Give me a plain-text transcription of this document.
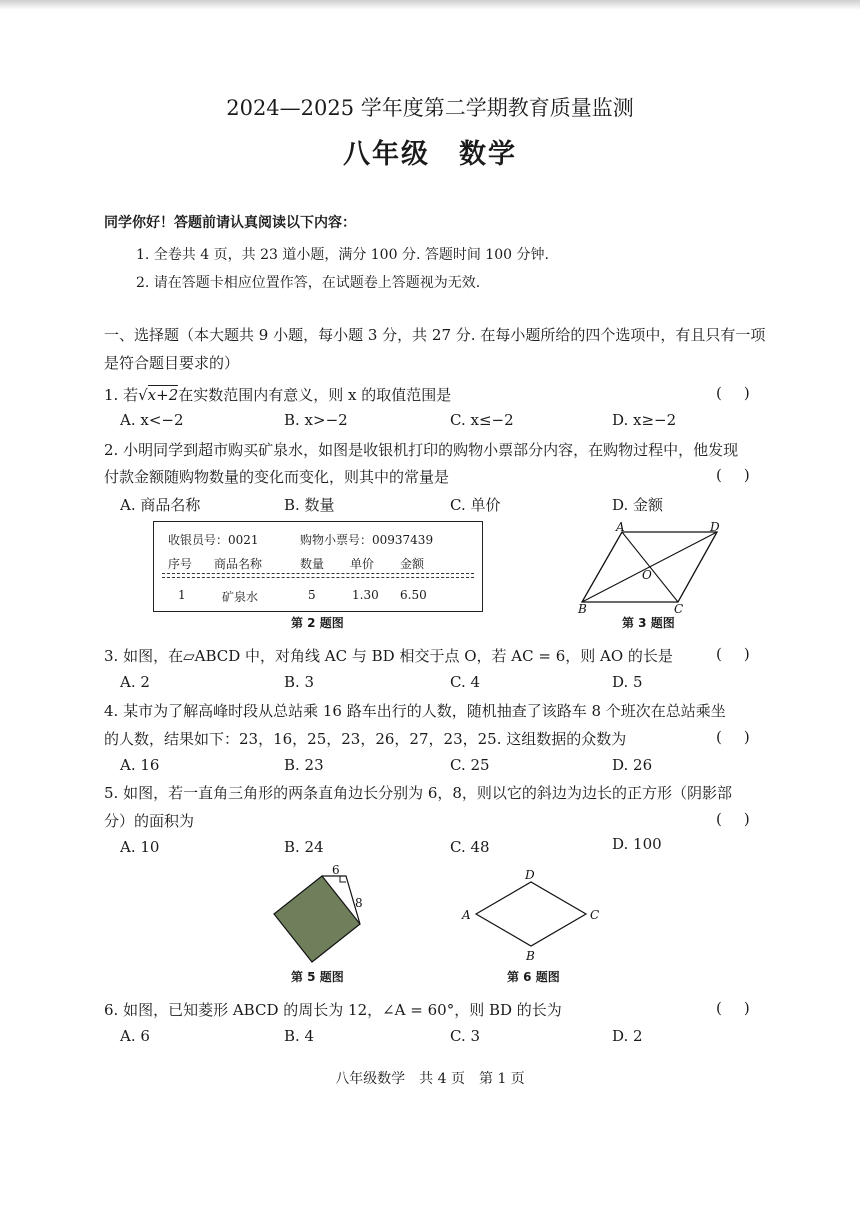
2024—2025 学年度第二学期教育质量监测
八年级　数学
同学你好！答题前请认真阅读以下内容：
1. 全卷共 4 页，共 23 道小题，满分 100 分. 答题时间 100 分钟.
2. 请在答题卡相应位置作答，在试题卷上答题视为无效.
一、选择题（本大题共 9 小题，每小题 3 分，共 27 分. 在每小题所给的四个选项中，有且只有一项
是符合题目要求的）
1. 若√x+2在实数范围内有意义，则 x 的取值范围是	()
A. x<−2	B. x>−2	C. x≤−2	D. x≥−2
2. 小明同学到超市购买矿泉水，如图是收银机打印的购物小票部分内容，在购物过程中，他发现
付款金额随购物数量的变化而变化，则其中的常量是	()
A. 商品名称	B. 数量	C. 单价	D. 金额
收银员号：0021	购物小票号：00937439
序号 商品名称	数量 单价 金额
1	矿泉水	5	1.30 6.50
第 2 题图
A	D
O
B	C
第 3 题图
3. 如图，在▱ABCD 中，对角线 AC 与 BD 相交于点 O，若 AC = 6，则 AO 的长是	()
A. 2	B. 3	C. 4	D. 5
4. 某市为了解高峰时段从总站乘 16 路车出行的人数，随机抽查了该路车 8 个班次在总站乘坐
的人数，结果如下：23，16，25，23，26，27，23，25. 这组数据的众数为	()
A. 16	B. 23	C. 25	D. 26
5. 如图，若一直角三角形的两条直角边长分别为 6，8，则以它的斜边为边长的正方形（阴影部
分）的面积为	()
A. 10	B. 24	C. 48	D. 100
6
8
第 5 题图
D
A	C
B
第 6 题图
6. 如图，已知菱形 ABCD 的周长为 12，∠A = 60°，则 BD 的长为	()
A. 6	B. 4	C. 3	D. 2
八年级数学　共 4 页　第 1 页
